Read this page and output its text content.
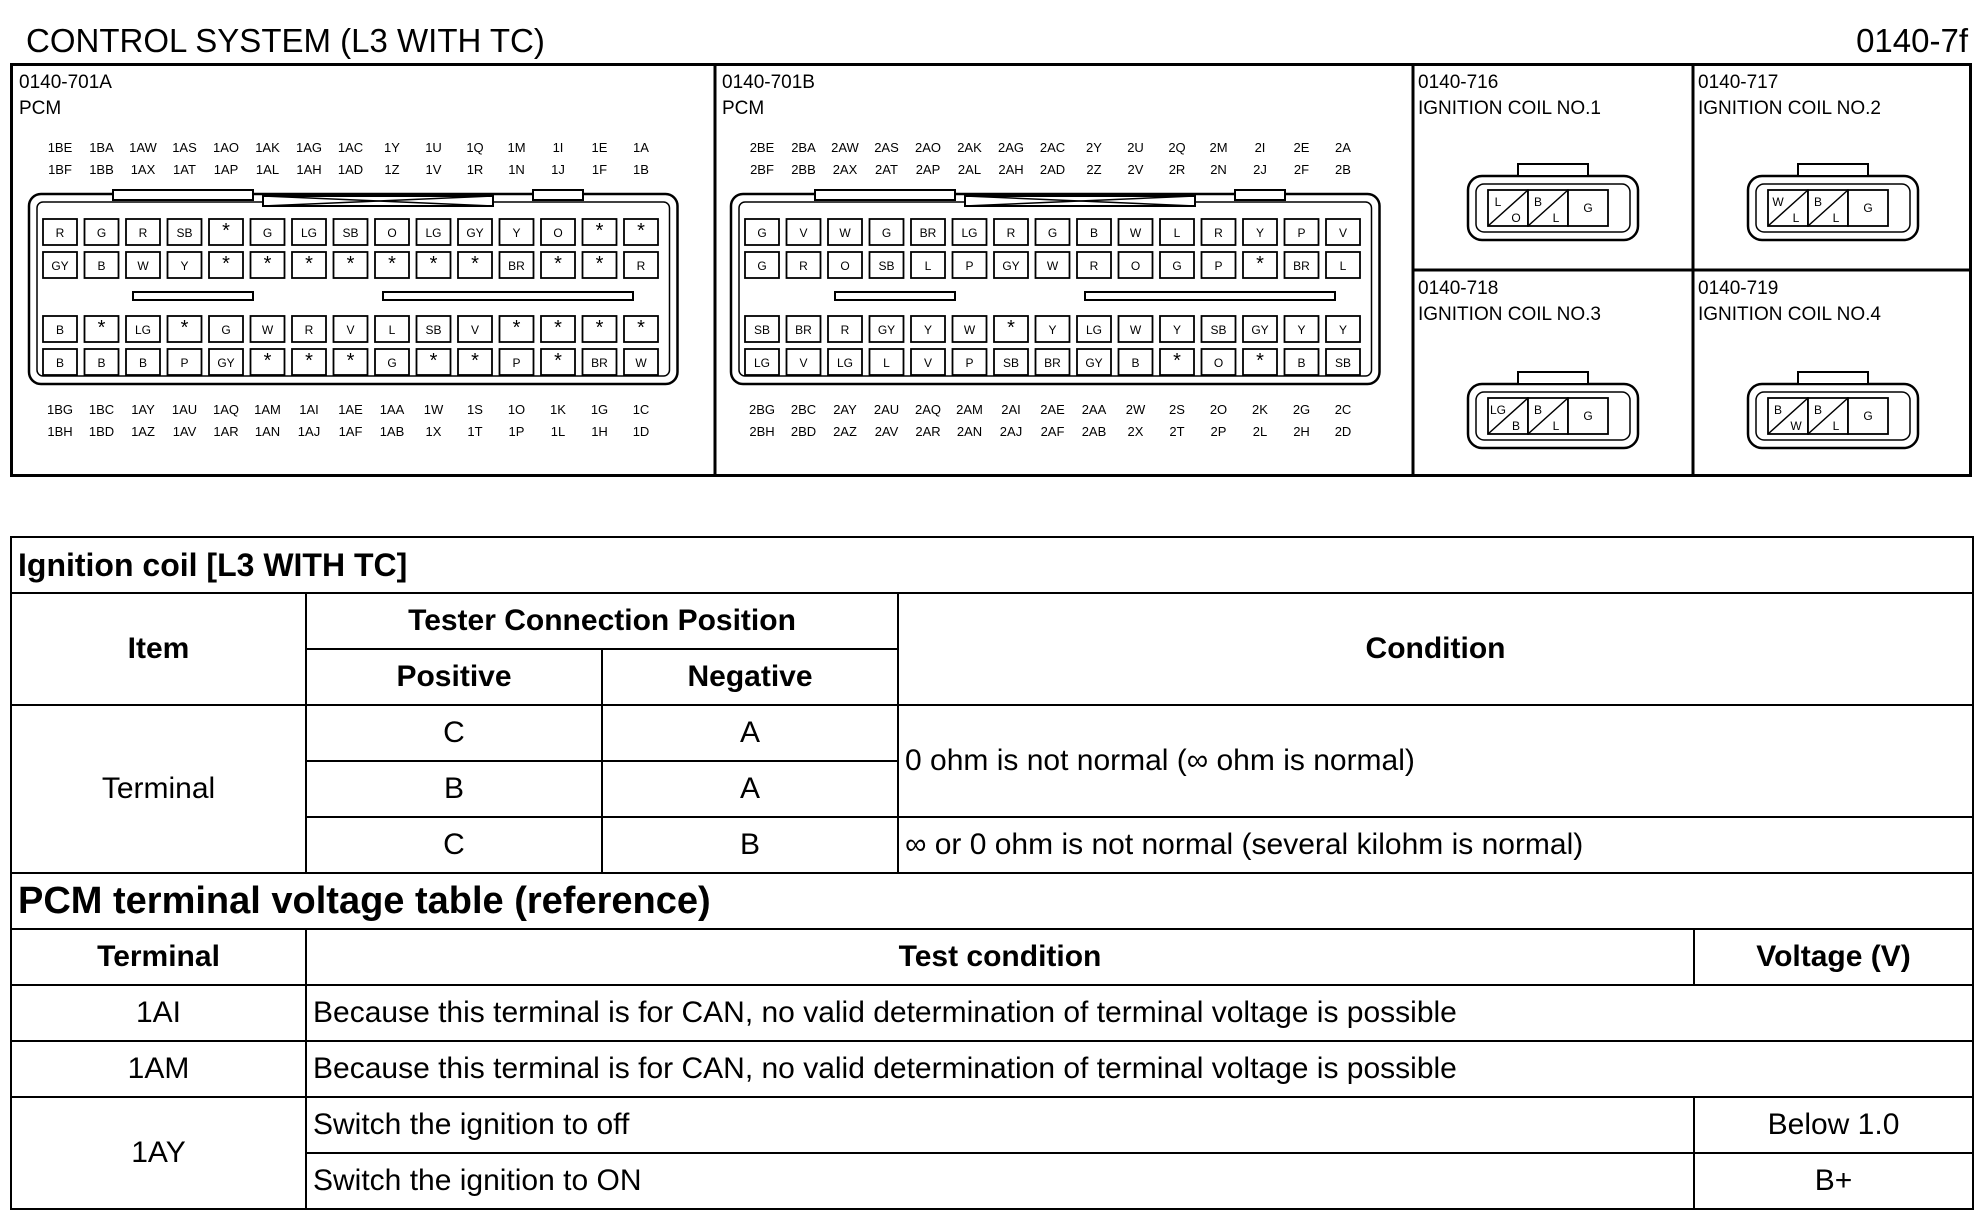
CONTROL SYSTEM (L3 WITH TC)	0140-7f
1BE 1BA 1AW 1AS 1AO 1AK 1AG 1AC 1Y 1U 1Q 1M 1I 1E 1A
1BF 1BB 1AX 1AT 1AP 1AL 1AH 1AD 1Z 1V 1R 1N 1J 1F 1B
1BG 1BC 1AY 1AU 1AQ 1AM 1AI 1AE 1AA 1W 1S 1O 1K 1G 1C
1BH 1BD 1AZ 1AV 1AR 1AN 1AJ 1AF 1AB 1X 1T 1P 1L 1H 1D
R	G	R SB *	G LG SB O LG GY Y	O * *
GY B	W	Y * * * * * * * BR * *	R
B * LG *	G	W	R	V	L	SB V * * * *
B	B	B	P GY * * *	G * *	P * BR W
2BE 2BA 2AW 2AS 2AO 2AK 2AG 2AC 2Y 2U 2Q 2M 2I 2E 2A
2BF 2BB 2AX 2AT 2AP 2AL 2AH 2AD 2Z 2V 2R 2N 2J 2F 2B
2BG 2BC 2AY 2AU 2AQ 2AM 2AI 2AE 2AA 2W 2S 2O 2K 2G 2C
2BH 2BD 2AZ 2AV 2AR 2AN 2AJ 2AF 2AB 2X 2T 2P 2L 2H 2D
G	V	W	G BR LG R	G	B	W	L	R	Y	P	V
G	R	O SB	L	P GY W	R	O	G	P * BR L
SB BR R GY Y	W *	Y LG W	Y SB GY Y	Y
LG V LG	L	V	P SB BR GY B *	O *	B SB
L
O
B
L
G	W
L
B
L
G
LG
B
B
L
G	B
W
B
L
G
0140-701A
PCM
0140-701B
PCM
0140-716
IGNITION COIL NO.1
0140-717
IGNITION COIL NO.2
0140-718
IGNITION COIL NO.3
0140-719
IGNITION COIL NO.4
Ignition coil [L3 WITH TC]			
Item	Tester Connection Position		Condition
	Positive	Negative	
Terminal	C	A	0 ohm is not normal (∞ ohm is normal)
	B	A	
	C	B	∞ or 0 ohm is not normal (several kilohm is normal)
PCM terminal voltage table (reference)		
Terminal	Test condition	Voltage (V)
1AI	Because this terminal is for CAN, no valid determination of terminal voltage is possible	
1AM	Because this terminal is for CAN, no valid determination of terminal voltage is possible	
1AY	Switch the ignition to off	Below 1.0
	Switch the ignition to ON	B+
